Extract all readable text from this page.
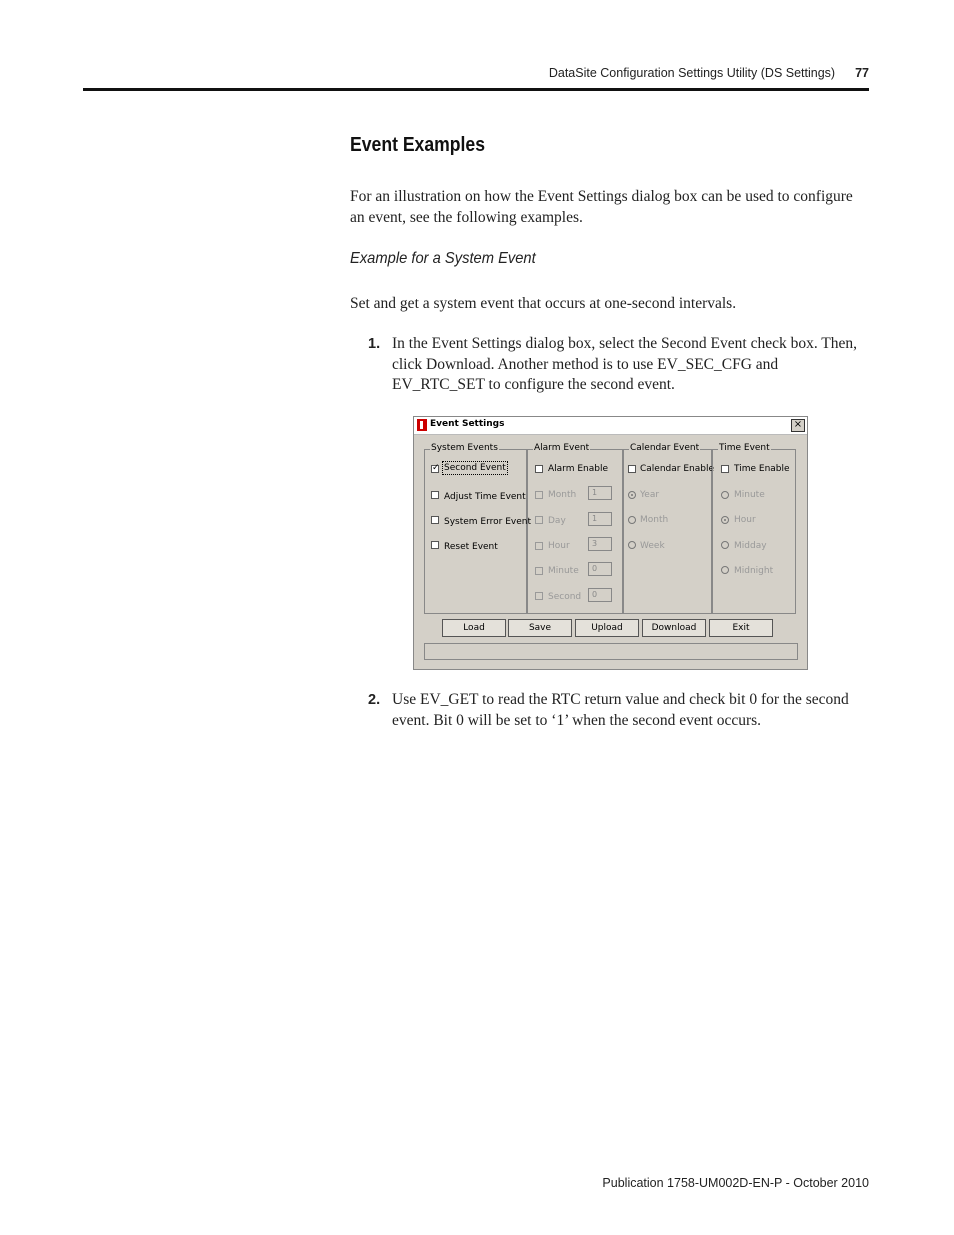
DataSite Configuration Settings Utility (DS Settings) 77
Event Examples

For an illustration on how the Event Settings dialog box can be used to configure an event, see the following examples.

Example for a System Event

Set and get a system event that occurs at one-second intervals.

1. In the Event Settings dialog box, select the Second Event check box. Then, click Download. Another method is to use EV_SEC_CFG and EV_RTC_SET to configure the second event.
Event Settings	×
System Events
✓
Second Event
Adjust Time Event
System Error Event
Reset Event
Alarm Event
Alarm Enable
Month	1
Day	1
Hour	3
Minute	0
Second	0
Calendar Event
Calendar Enable
Year
Month
Week
Time Event
Time Enable
Minute
Hour
Midday
Midnight
Load	Save	Upload	Download	Exit
2. Use EV_GET to read the RTC return value and check bit 0 for the second event. Bit 0 will be set to ‘1’ when the second event occurs.
Publication 1758-UM002D-EN-P - October 2010
